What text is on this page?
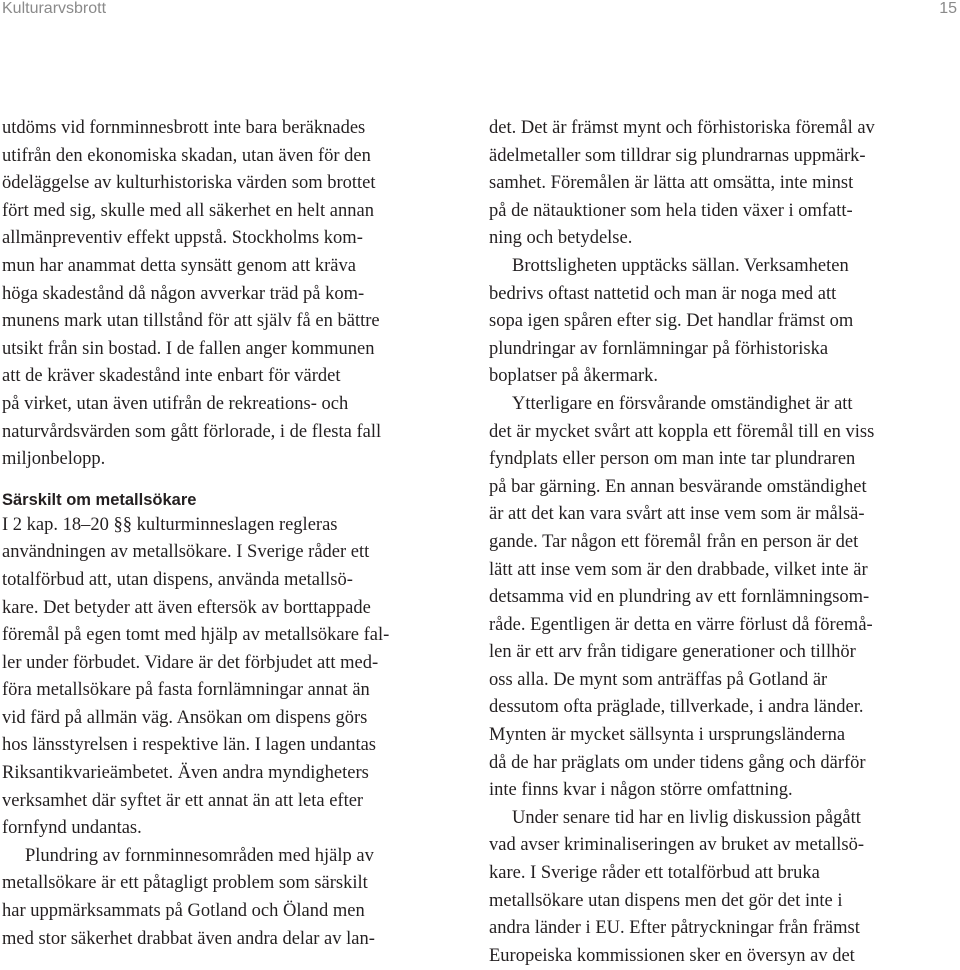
Kulturarvsbrott	15
utdöms vid fornminnesbrott inte bara beräknades
utifrån den ekonomiska skadan, utan även för den
ödeläggelse av kulturhistoriska värden som brottet
fört med sig, skulle med all säkerhet en helt annan
allmänpreventiv effekt uppstå. Stockholms kom-
mun har anammat detta synsätt genom att kräva
höga skadestånd då någon avverkar träd på kom-
munens mark utan tillstånd för att själv få en bättre
utsikt från sin bostad. I de fallen anger kommunen
att de kräver skadestånd inte enbart för värdet
på virket, utan även utifrån de rekreations- och
naturvårdsvärden som gått förlorade, i de flesta fall
miljonbelopp.
Särskilt om metallsökare
I 2 kap. 18–20 §§ kulturminneslagen regleras
användningen av metallsökare. I Sverige råder ett
totalförbud att, utan dispens, använda metallsö-
kare. Det betyder att även eftersök av borttappade
föremål på egen tomt med hjälp av metallsökare fal-
ler under förbudet. Vidare är det förbjudet att med-
föra metallsökare på fasta fornlämningar annat än
vid färd på allmän väg. Ansökan om dispens görs
hos länsstyrelsen i respektive län. I lagen undantas
Riksantikvarieämbetet. Även andra myndigheters
verksamhet där syftet är ett annat än att leta efter
fornfynd undantas.
Plundring av fornminnesområden med hjälp av
metallsökare är ett påtagligt problem som särskilt
har uppmärksammats på Gotland och Öland men
med stor säkerhet drabbat även andra delar av lan-
det. Det är främst mynt och förhistoriska föremål av
ädelmetaller som tilldrar sig plundrarnas uppmärk-
samhet. Föremålen är lätta att omsätta, inte minst
på de nätauktioner som hela tiden växer i omfatt-
ning och betydelse.
Brottsligheten upptäcks sällan. Verksamheten
bedrivs oftast nattetid och man är noga med att
sopa igen spåren efter sig. Det handlar främst om
plundringar av fornlämningar på förhistoriska
boplatser på åkermark.
Ytterligare en försvårande omständighet är att
det är mycket svårt att koppla ett föremål till en viss
fyndplats eller person om man inte tar plundraren
på bar gärning. En annan besvärande omständighet
är att det kan vara svårt att inse vem som är målsä-
gande. Tar någon ett föremål från en person är det
lätt att inse vem som är den drabbade, vilket inte är
detsamma vid en plundring av ett fornlämningsom-
råde. Egentligen är detta en värre förlust då föremå-
len är ett arv från tidigare generationer och tillhör
oss alla. De mynt som anträffas på Gotland är
dessutom ofta präglade, tillverkade, i andra länder.
Mynten är mycket sällsynta i ursprungsländerna
då de har präglats om under tidens gång och därför
inte finns kvar i någon större omfattning.
Under senare tid har en livlig diskussion pågått
vad avser kriminaliseringen av bruket av metallsö-
kare. I Sverige råder ett totalförbud att bruka
metallsökare utan dispens men det gör det inte i
andra länder i EU. Efter påtryckningar från främst
Europeiska kommissionen sker en översyn av det
